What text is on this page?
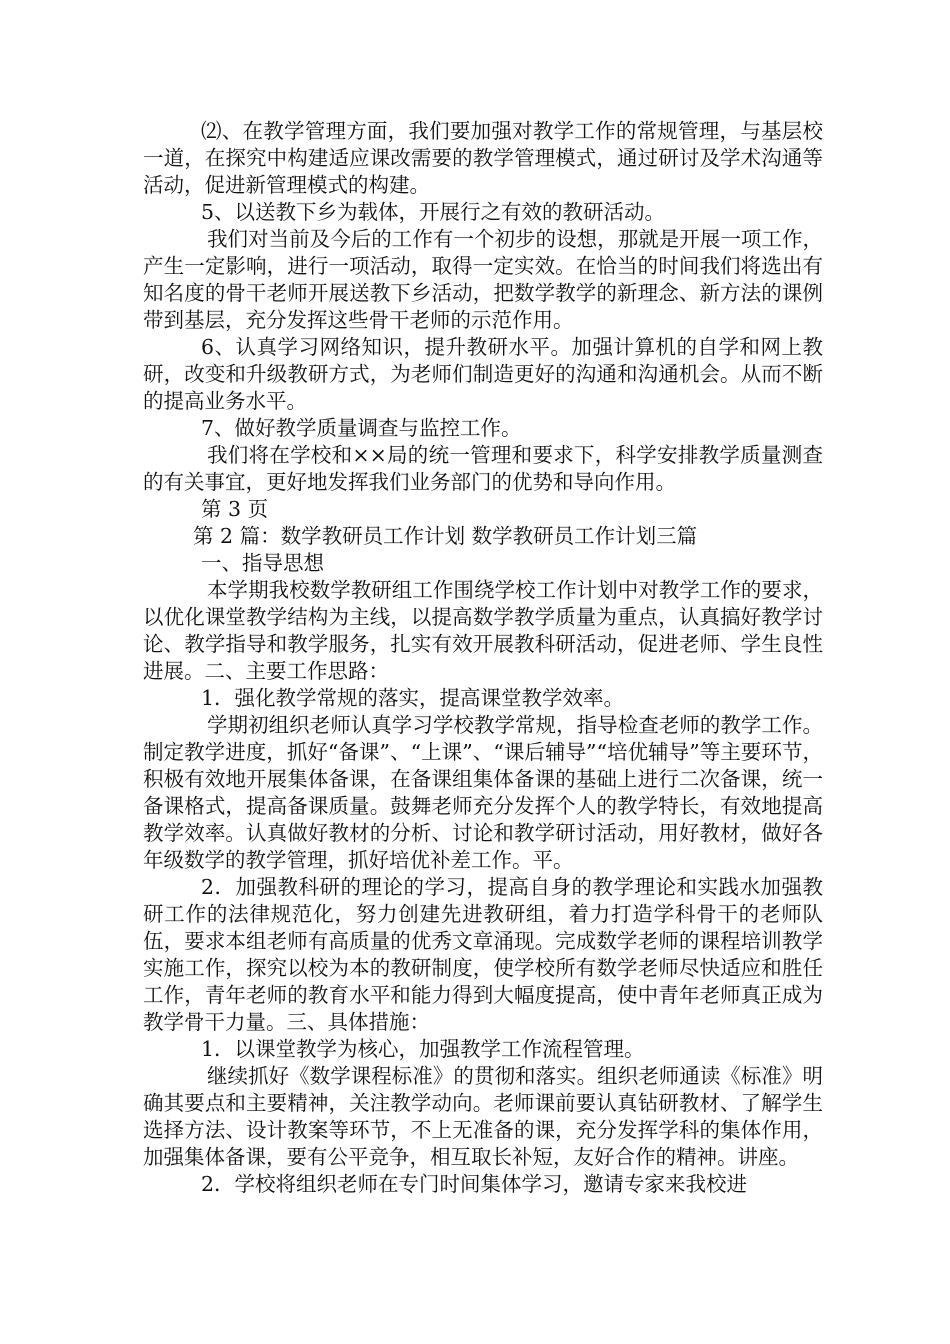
⑵、在教学管理方面，我们要加强对教学工作的常规管理，与基层校一道，在探究中构建适应课改需要的教学管理模式，通过研讨及学术沟通等活动，促进新管理模式的构建。

5、以送教下乡为载体，开展行之有效的教研活动。

我们对当前及今后的工作有一个初步的设想，那就是开展一项工作，产生一定影响，进行一项活动，取得一定实效。在恰当的时间我们将选出有知名度的骨干老师开展送教下乡活动，把数学教学的新理念、新方法的课例带到基层，充分发挥这些骨干老师的示范作用。

6、认真学习网络知识，提升教研水平。加强计算机的自学和网上教研，改变和升级教研方式，为老师们制造更好的沟通和沟通机会。从而不断的提高业务水平。

7、做好教学质量调查与监控工作。

我们将在学校和××局的统一管理和要求下，科学安排教学质量测查的有关事宜，更好地发挥我们业务部门的优势和导向作用。

第 3 页

第 2 篇：数学教研员工作计划 数学教研员工作计划三篇

一、指导思想

本学期我校数学教研组工作围绕学校工作计划中对教学工作的要求，以优化课堂教学结构为主线，以提高数学教学质量为重点，认真搞好教学讨论、教学指导和教学服务，扎实有效开展教科研活动，促进老师、学生良性进展。二、主要工作思路：

1．强化教学常规的落实，提高课堂教学效率。

学期初组织老师认真学习学校教学常规，指导检查老师的教学工作。制定教学进度，抓好“备课”、“上课”、“课后辅导”“培优辅导”等主要环节，积极有效地开展集体备课，在备课组集体备课的基础上进行二次备课，统一备课格式，提高备课质量。鼓舞老师充分发挥个人的教学特长，有效地提高教学效率。认真做好教材的分析、讨论和教学研讨活动，用好教材，做好各年级数学的教学管理，抓好培优补差工作。平。

2．加强教科研的理论的学习，提高自身的教学理论和实践水加强教研工作的法律规范化，努力创建先进教研组，着力打造学科骨干的老师队伍，要求本组老师有高质量的优秀文章涌现。完成数学老师的课程培训教学实施工作，探究以校为本的教研制度，使学校所有数学老师尽快适应和胜任工作，青年老师的教育水平和能力得到大幅度提高，使中青年老师真正成为教学骨干力量。三、具体措施：

1．以课堂教学为核心，加强教学工作流程管理。

继续抓好《数学课程标准》的贯彻和落实。组织老师通读《标准》明确其要点和主要精神，关注教学动向。老师课前要认真钻研教材、了解学生选择方法、设计教案等环节，不上无准备的课，充分发挥学科的集体作用，加强集体备课，要有公平竞争，相互取长补短，友好合作的精神。讲座。

2．学校将组织老师在专门时间集体学习，邀请专家来我校进
